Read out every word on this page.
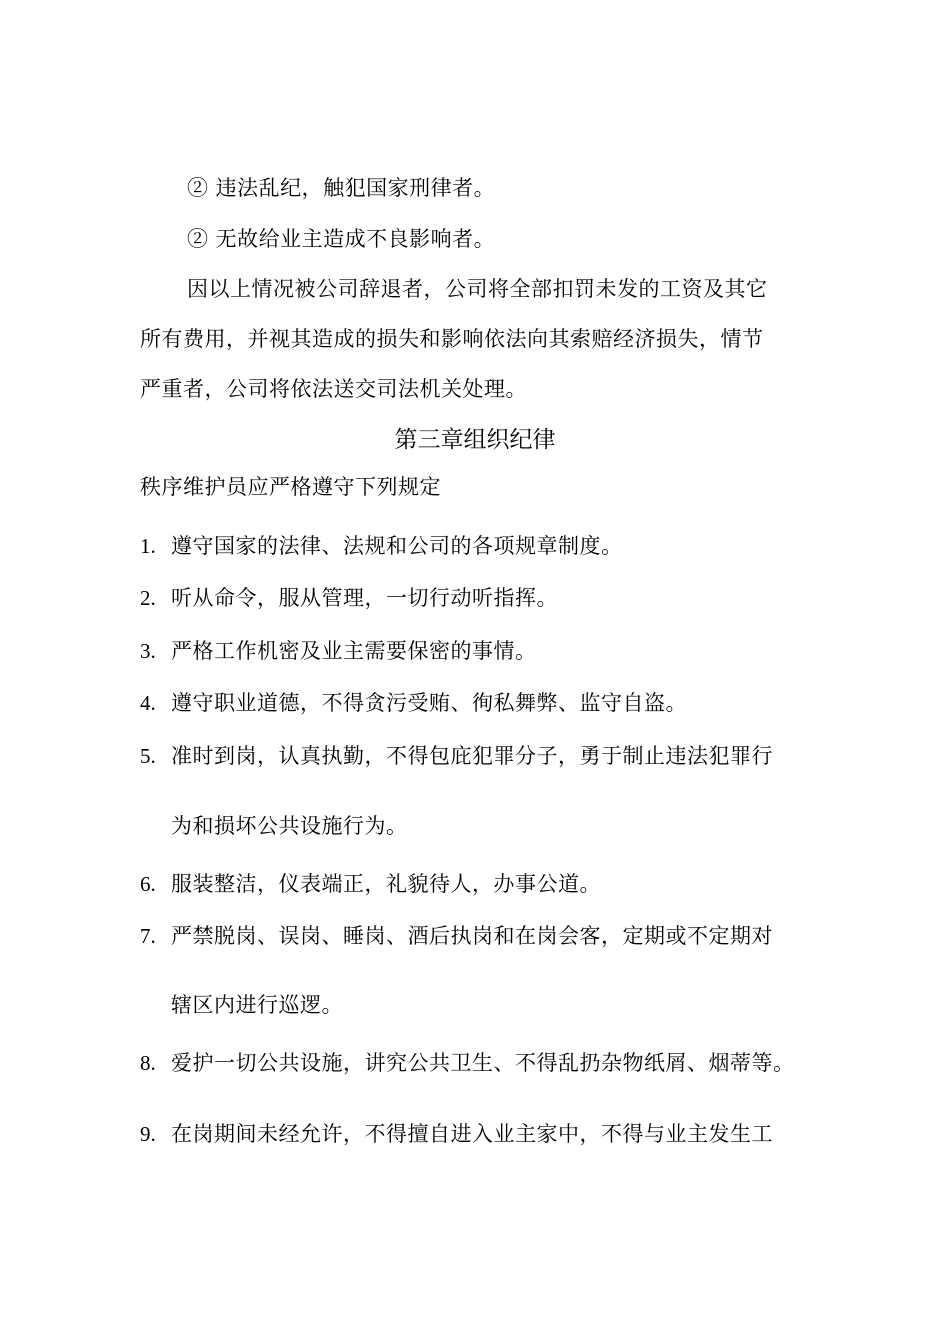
② 违法乱纪，触犯国家刑律者。
② 无故给业主造成不良影响者。
因以上情况被公司辞退者，公司将全部扣罚未发的工资及其它
所有费用，并视其造成的损失和影响依法向其索赔经济损失，情节
严重者，公司将依法送交司法机关处理。
第三章组织纪律
秩序维护员应严格遵守下列规定
1. 遵守国家的法律、法规和公司的各项规章制度。
2. 听从命令，服从管理，一切行动听指挥。
3. 严格工作机密及业主需要保密的事情。
4. 遵守职业道德，不得贪污受贿、徇私舞弊、监守自盗。
5. 准时到岗，认真执勤，不得包庇犯罪分子，勇于制止违法犯罪行
为和损坏公共设施行为。
6. 服装整洁，仪表端正，礼貌待人，办事公道。
7. 严禁脱岗、误岗、睡岗、酒后执岗和在岗会客，定期或不定期对
辖区内进行巡逻。
8. 爱护一切公共设施，讲究公共卫生、不得乱扔杂物纸屑、烟蒂等。
9. 在岗期间未经允许，不得擅自进入业主家中，不得与业主发生工
